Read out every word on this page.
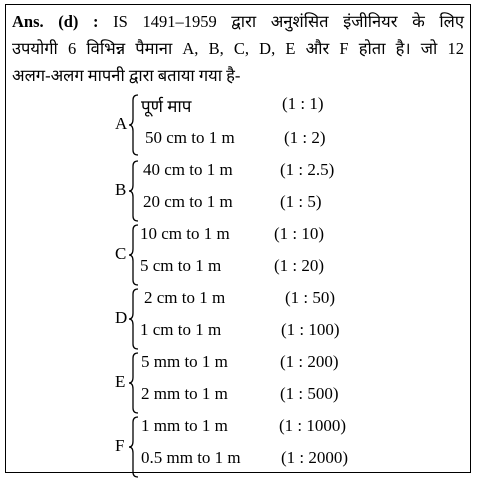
Ans. (d) : IS 1491–1959 द्वारा अनुशंसित इंजीनियर के लिए
उपयोगी 6 विभिन्न पैमाना A, B, C, D, E और F होता है। जो 12
अलग-अलग मापनी द्वारा बताया गया है-
A
पूर्ण माप	(1 : 1)
50 cm to 1 m	(1 : 2)
B
40 cm to 1 m	(1 : 2.5)
20 cm to 1 m	(1 : 5)
C
10 cm to 1 m	(1 : 10)
5 cm to 1 m	(1 : 20)
D
2 cm to 1 m	(1 : 50)
1 cm to 1 m	(1 : 100)
E
5 mm to 1 m	(1 : 200)
2 mm to 1 m	(1 : 500)
F
1 mm to 1 m	(1 : 1000)
0.5 mm to 1 m (1 : 2000)
